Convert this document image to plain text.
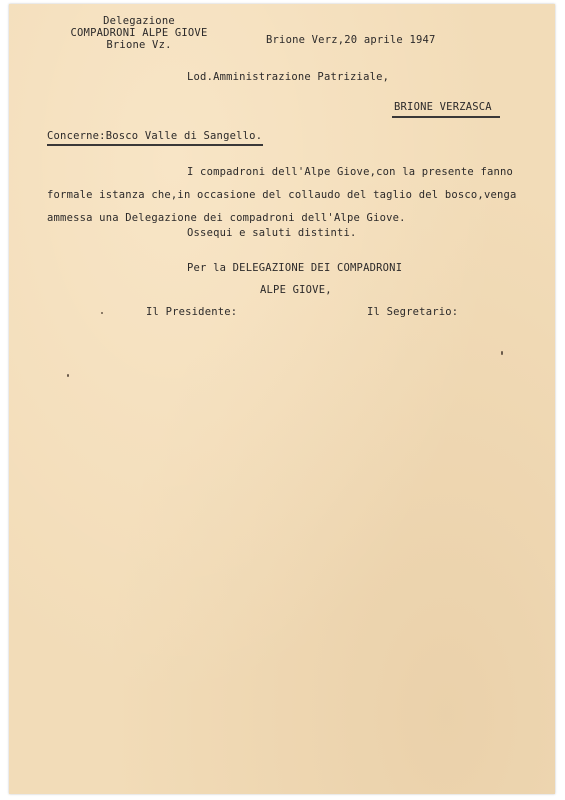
Delegazione
COMPADRONI ALPE GIOVE
Brione Vz.	Brione Verz,20 aprile 1947
Lod.Amministrazione Patriziale,
BRIONE VERZASCA
Concerne:Bosco Valle di Sangello.
I compadroni dell'Alpe Giove,con la presente fanno
formale istanza che,in occasione del collaudo del taglio del bosco,venga
ammessa una Delegazione dei compadroni dell'Alpe Giove.
Ossequi e saluti distinti.
Per la DELEGAZIONE DEI COMPADRONI
ALPE GIOVE,
Il Presidente:	Il Segretario:
